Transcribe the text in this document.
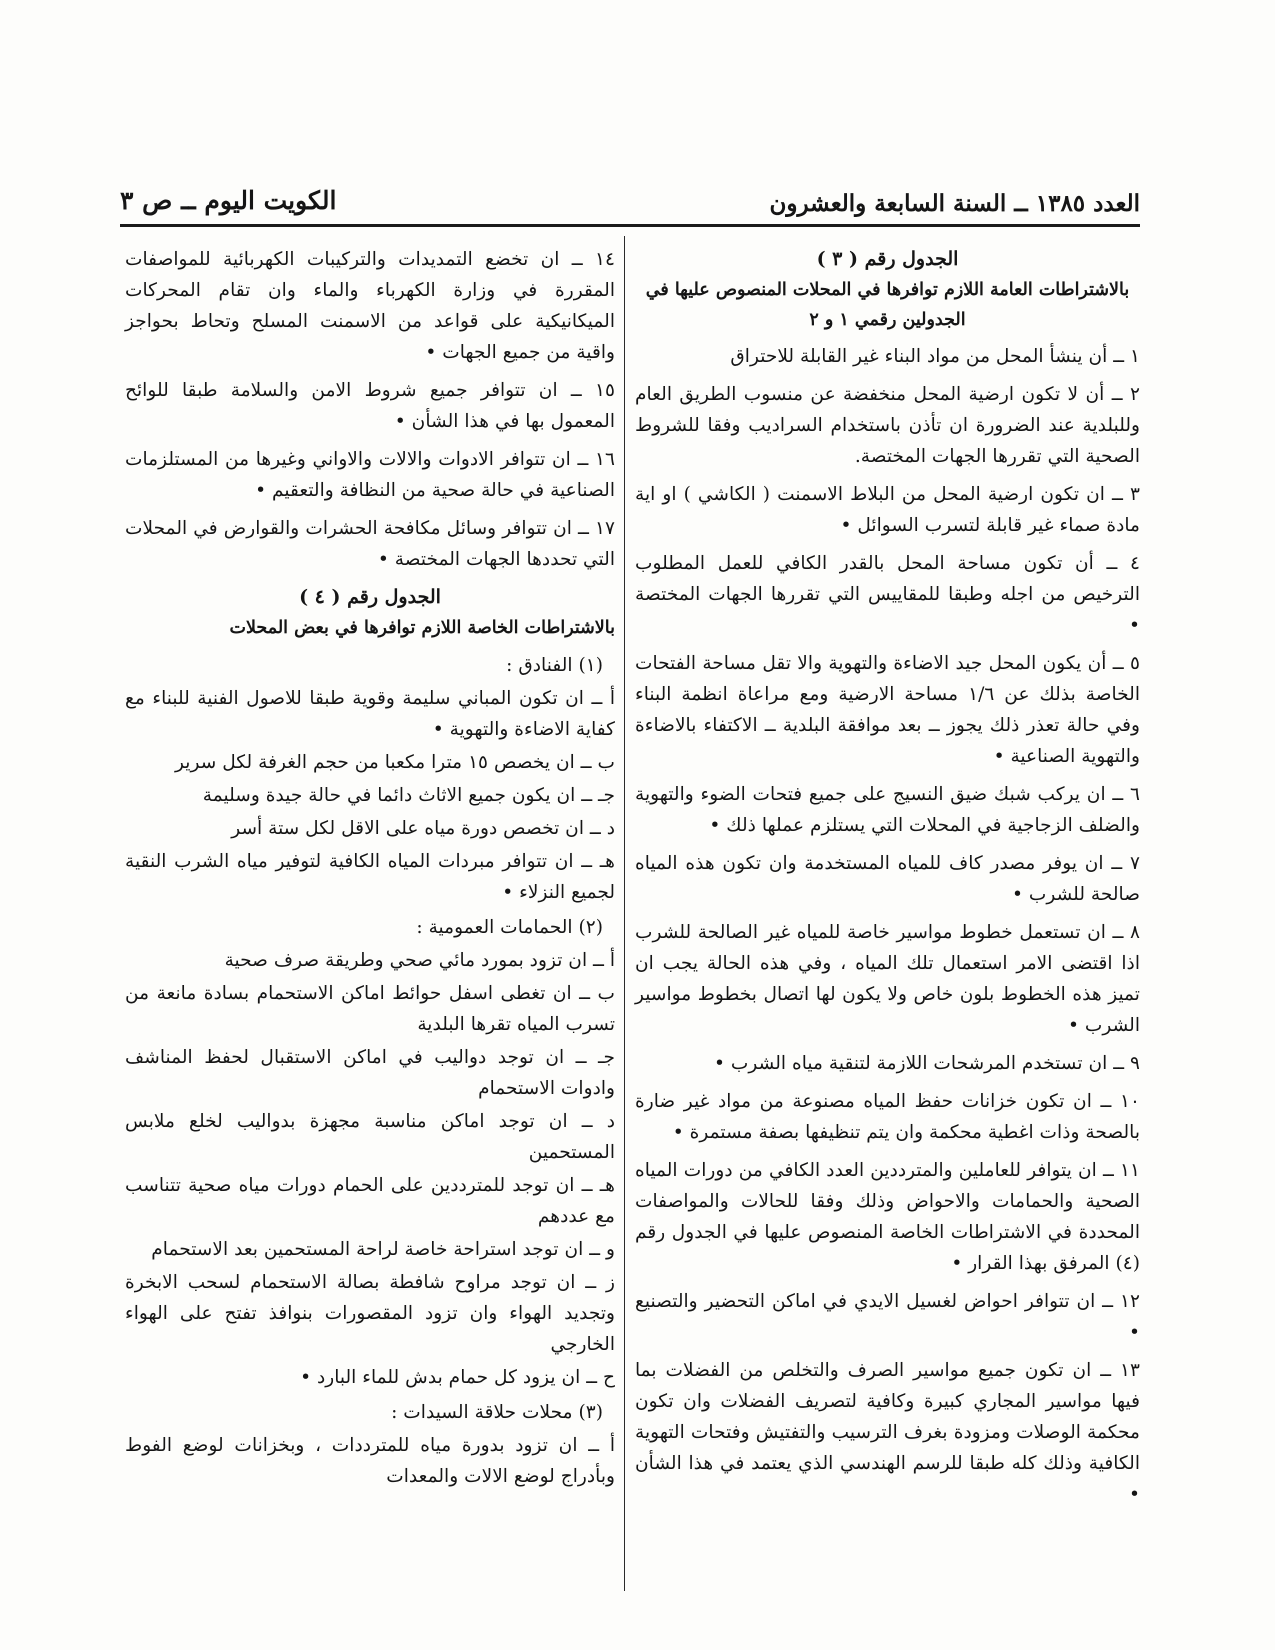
العدد ١٣٨٥ ــ السنة السابعة والعشرون
الكويت اليوم ــ ص ٣

الجدول رقم ( ٣ )

بالاشتراطات العامة اللازم توافرها في المحلات المنصوص عليها في الجدولين رقمي ١ و ٢

١ ــ أن ينشأ المحل من مواد البناء غير القابلة للاحتراق

٢ ــ أن لا تكون ارضية المحل منخفضة عن منسوب الطريق العام وللبلدية عند الضرورة ان تأذن باستخدام السراديب وفقا للشروط الصحية التي تقررها الجهات المختصة.

٣ ــ ان تكون ارضية المحل من البلاط الاسمنت ( الكاشي ) او اية مادة صماء غير قابلة لتسرب السوائل •

٤ ــ أن تكون مساحة المحل بالقدر الكافي للعمل المطلوب الترخيص من اجله وطبقا للمقاييس التي تقررها الجهات المختصة •

٥ ــ أن يكون المحل جيد الاضاءة والتهوية والا تقل مساحة الفتحات الخاصة بذلك عن ١/٦ مساحة الارضية ومع مراعاة انظمة البناء وفي حالة تعذر ذلك يجوز ــ بعد موافقة البلدية ــ الاكتفاء بالاضاءة والتهوية الصناعية •

٦ ــ ان يركب شبك ضيق النسيج على جميع فتحات الضوء والتهوية والضلف الزجاجية في المحلات التي يستلزم عملها ذلك •

٧ ــ ان يوفر مصدر كاف للمياه المستخدمة وان تكون هذه المياه صالحة للشرب •

٨ ــ ان تستعمل خطوط مواسير خاصة للمياه غير الصالحة للشرب اذا اقتضى الامر استعمال تلك المياه ، وفي هذه الحالة يجب ان تميز هذه الخطوط بلون خاص ولا يكون لها اتصال بخطوط مواسير الشرب •

٩ ــ ان تستخدم المرشحات اللازمة لتنقية مياه الشرب •

١٠ ــ ان تكون خزانات حفظ المياه مصنوعة من مواد غير ضارة بالصحة وذات اغطية محكمة وان يتم تنظيفها بصفة مستمرة •

١١ ــ ان يتوافر للعاملين والمترددين العدد الكافي من دورات المياه الصحية والحمامات والاحواض وذلك وفقا للحالات والمواصفات المحددة في الاشتراطات الخاصة المنصوص عليها في الجدول رقم (٤) المرفق بهذا القرار •

١٢ ــ ان تتوافر احواض لغسيل الايدي في اماكن التحضير والتصنيع •

١٣ ــ ان تكون جميع مواسير الصرف والتخلص من الفضلات بما فيها مواسير المجاري كبيرة وكافية لتصريف الفضلات وان تكون محكمة الوصلات ومزودة بغرف الترسيب والتفتيش وفتحات التهوية الكافية وذلك كله طبقا للرسم الهندسي الذي يعتمد في هذا الشأن •

١٤ ــ ان تخضع التمديدات والتركيبات الكهربائية للمواصفات المقررة في وزارة الكهرباء والماء وان تقام المحركات الميكانيكية على قواعد من الاسمنت المسلح وتحاط بحواجز واقية من جميع الجهات •

١٥ ــ ان تتوافر جميع شروط الامن والسلامة طبقا للوائح المعمول بها في هذا الشأن •

١٦ ــ ان تتوافر الادوات والالات والاواني وغيرها من المستلزمات الصناعية في حالة صحية من النظافة والتعقيم •

١٧ ــ ان تتوافر وسائل مكافحة الحشرات والقوارض في المحلات التي تحددها الجهات المختصة •

الجدول رقم ( ٤ )

بالاشتراطات الخاصة اللازم توافرها في بعض المحلات

(١) الفنادق :

أ ــ ان تكون المباني سليمة وقوية طبقا للاصول الفنية للبناء مع كفاية الاضاءة والتهوية •

ب ــ ان يخصص ١٥ مترا مكعبا من حجم الغرفة لكل سرير

جـ ــ ان يكون جميع الاثاث دائما في حالة جيدة وسليمة

د ــ ان تخصص دورة مياه على الاقل لكل ستة أسر

هـ ــ ان تتوافر مبردات المياه الكافية لتوفير مياه الشرب النقية لجميع النزلاء •

(٢) الحمامات العمومية :

أ ــ ان تزود بمورد مائي صحي وطريقة صرف صحية

ب ــ ان تغطى اسفل حوائط اماكن الاستحمام بسادة مانعة من تسرب المياه تقرها البلدية

جـ ــ ان توجد دواليب في اماكن الاستقبال لحفظ المناشف وادوات الاستحمام

د ــ ان توجد اماكن مناسبة مجهزة بدواليب لخلع ملابس المستحمين

هـ ــ ان توجد للمترددين على الحمام دورات مياه صحية تتناسب مع عددهم

و ــ ان توجد استراحة خاصة لراحة المستحمين بعد الاستحمام

ز ــ ان توجد مراوح شافطة بصالة الاستحمام لسحب الابخرة وتجديد الهواء وان تزود المقصورات بنوافذ تفتح على الهواء الخارجي

ح ــ ان يزود كل حمام بدش للماء البارد •

(٣) محلات حلاقة السيدات :

أ ــ ان تزود بدورة مياه للمترددات ، وبخزانات لوضع الفوط وبأدراج لوضع الالات والمعدات
